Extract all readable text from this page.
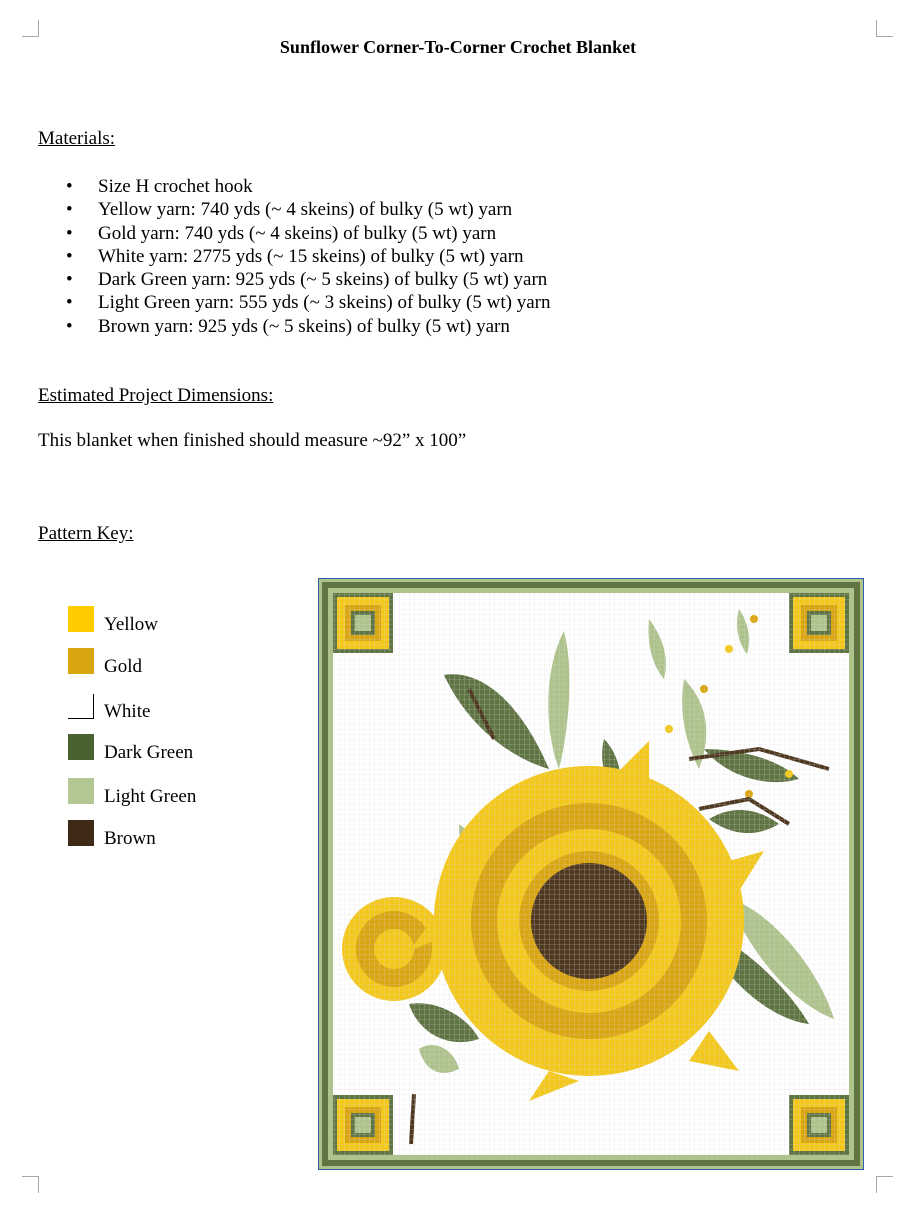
Sunflower Corner-To-Corner Crochet Blanket
Materials:
• Size H crochet hook
• Yellow yarn: 740 yds (~ 4 skeins) of bulky (5 wt) yarn
• Gold yarn: 740 yds (~ 4 skeins) of bulky (5 wt) yarn
• White yarn: 2775 yds (~ 15 skeins) of bulky (5 wt) yarn
• Dark Green yarn: 925 yds (~ 5 skeins) of bulky (5 wt) yarn
• Light Green yarn: 555 yds (~ 3 skeins) of bulky (5 wt) yarn
• Brown yarn: 925 yds (~ 5 skeins) of bulky (5 wt) yarn
Estimated Project Dimensions:
This blanket when finished should measure ~92” x 100”
Pattern Key:
Yellow
Gold
White
Dark Green
Light Green
Brown
